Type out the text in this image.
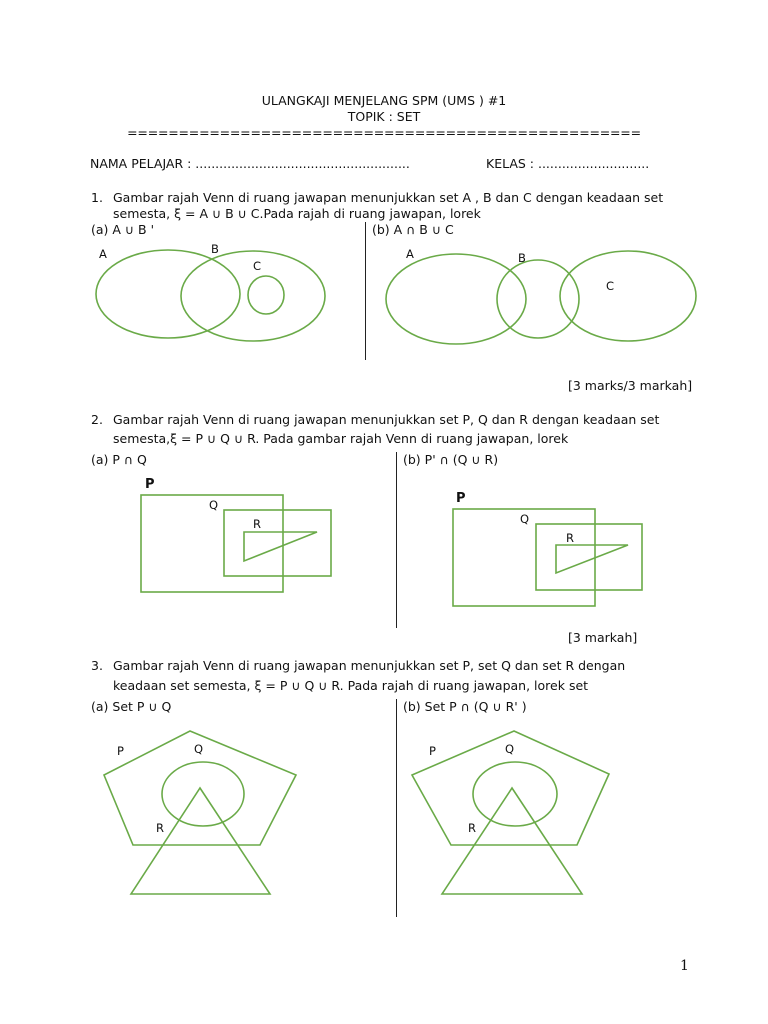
ULANGKAJI MENJELANG SPM (UMS ) #1
TOPIK : SET
==================================================
NAMA PELAJAR : ......................................................	KELAS : ............................
1. Gambar rajah Venn di ruang jawapan menunjukkan set A , B dan C dengan keadaan set
semesta, ξ = A ∪ B ∪ C.Pada rajah di ruang jawapan, lorek
(a) A ∪ B '	(b) A ∩ B ∪ C
A	B
C
A	B
C
[3 marks/3 markah]
2. Gambar rajah Venn di ruang jawapan menunjukkan set P, Q dan R dengan keadaan set
semesta,ξ = P ∪ Q ∪ R. Pada gambar rajah Venn di ruang jawapan, lorek
(a) P ∩ Q	(b) P' ∩ (Q ∪ R)
P
Q
R
P
Q
R
[3 markah]
3. Gambar rajah Venn di ruang jawapan menunjukkan set P, set Q dan set R dengan
keadaan set semesta, ξ = P ∪ Q ∪ R. Pada rajah di ruang jawapan, lorek set
(a) Set P ∪ Q	(b) Set P ∩ (Q ∪ R' )
P	Q
R
P	Q
R
1
